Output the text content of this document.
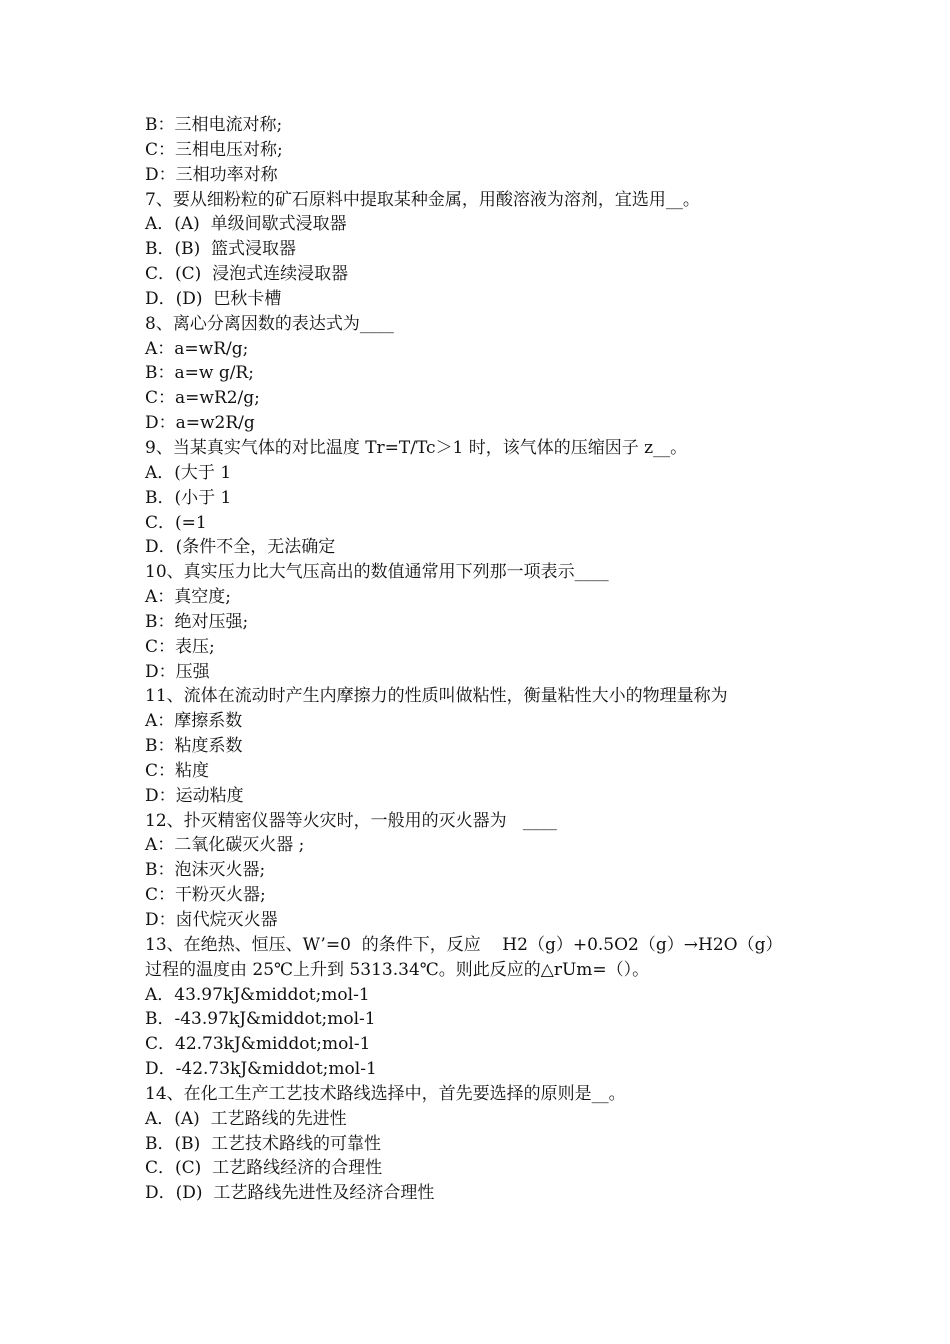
B：三相电流对称;
C：三相电压对称;
D：三相功率对称
7、要从细粉粒的矿石原料中提取某种金属，用酸溶液为溶剂，宜选用__。
A．(A)  单级间歇式浸取器
B．(B)  篮式浸取器
C．(C)  浸泡式连续浸取器
D．(D)  巴秋卡槽
8、离心分离因数的表达式为____
A：a=wR/g;
B：a=w g/R;
C：a=wR2/g;
D：a=w2R/g
9、当某真实气体的对比温度 Tr=T/Tc＞1 时，该气体的压缩因子 z__。
A．(大于 1
B．(小于 1
C．(=1
D．(条件不全，无法确定
10、真实压力比大气压高出的数值通常用下列那一项表示____
A：真空度;
B：绝对压强;
C：表压;
D：压强
11、流体在流动时产生内摩擦力的性质叫做粘性，衡量粘性大小的物理量称为
A：摩擦系数
B：粘度系数
C：粘度
D：运动粘度
12、扑灭精密仪器等火灾时，一般用的灭火器为   ____
A：二氧化碳灭火器 ;
B：泡沫灭火器;
C：干粉灭火器;
D：卤代烷灭火器
13、在绝热、恒压、W’=0  的条件下，反应    H2（g）+0.5O2（g）→H2O（g）
过程的温度由 25℃上升到 5313.34℃。则此反应的△rUm=（）。
A．43.97kJ&middot;mol-1
B．-43.97kJ&middot;mol-1
C．42.73kJ&middot;mol-1
D．-42.73kJ&middot;mol-1
14、在化工生产工艺技术路线选择中，首先要选择的原则是__。
A．(A)  工艺路线的先进性
B．(B)  工艺技术路线的可靠性
C．(C)  工艺路线经济的合理性
D．(D)  工艺路线先进性及经济合理性
